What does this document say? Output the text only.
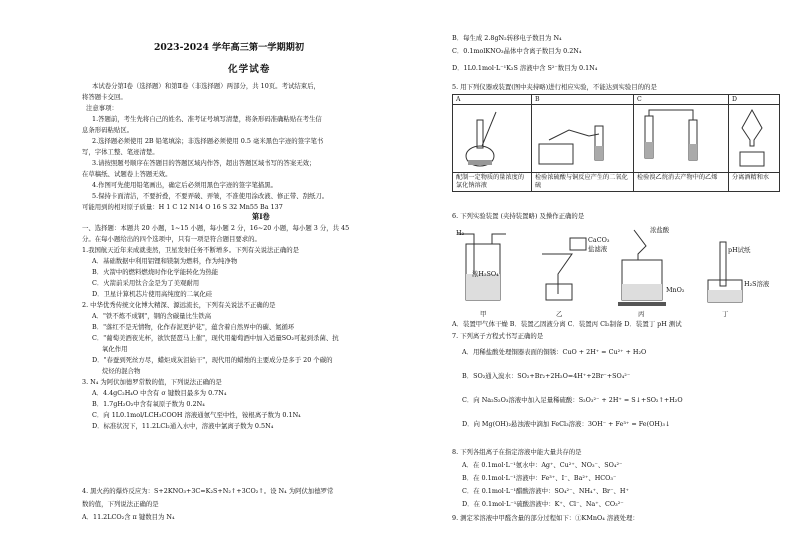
2023-2024 学年高三第一学期期初
化学试卷
本试卷分第Ⅰ卷（选择题）和第Ⅱ卷（非选择题）两部分，共 10页。考试结束后，
将答题卡交回。
注意事项：
1.答题前，考生先将自己的姓名、准考证号填写清楚，将条形码准确粘贴在考生信
息条形码粘贴区。
2.选择题必须使用 2B 铅笔填涂；非选择题必须使用 0.5 毫米黑色字迹的签字笔书
写，字体工整、笔迹清楚。
3.请按照题号顺序在答题目的答题区域内作答，超出答题区域书写的答案无效；
在草稿纸、试题卷上答题无效。
4.作图可先使用铅笔画出，确定后必须用黑色字迹的签字笔描黑。
5.保持卡面清洁，不要折叠，不要弄破、弄皱，不准使用涂改液、修正带、刮纸刀。
可能用到的相对原子质量：H 1 C 12 N14 O 16 S 32 Mn55 Ba 137
第Ⅰ卷
一、选择题：本题共 20 小题，1~15 小题，每小题 2 分，16~20 小题，每小题 3 分，共 45
分。在每小题给出的四个选项中，只有一项是符合题目要求的。
1.我国航天近年来成就斐然，卫星发射任务不断增多。下列有关说法正确的是
A．基础数据中利用铝锂和镁制为燃料，作为纯净物
B．火箭中的燃料燃烧时作化学能转化为热能
C．火箭前采用钛合金是为了美观耐用
D．卫星计算机芯片使用高纯度的二氧化硅
2. 中华优秀传统文化博大精深、源远流长，下列有关说法不正确的是
A．"铁不炼不成钢"，钢的含碳量比生铁高
B．"落红不是无情物，化作春泥更护花"，蕴含着自然界中的碳、氮循环
C．"葡萄美酒夜光杯，欲饮琵琶马上催"，现代用葡萄酒中加入适量SO₂可起到杀菌、抗
氧化作用
D．"春蚕到死丝方尽，蜡炬成灰泪始干"，现代用的蜡烛的主要成分是多于 20 个碳的
烷烃的混合物
3. N₄ 为阿伏加德罗常数的值，下列说法正确的是
A．4.4gC₂H₄O 中含有 σ 键数目最多为 0.7N₄
B．1.7gH₂O₂中含有氧原子数为 0.2N₄
C．向 1L0.1mol/LCH₃COOH 溶液通氨气至中性，铵根离子数为 0.1N₄
D．标准状况下，11.2LCl₂通入水中，溶液中氯离子数为 0.5N₄
4. 黑火药的爆炸反应为：S+2KNO₃+3C=K₂S+N₂↑+3CO₂↑。设 N₄ 为阿伏加德罗常
数的值，下列说法正确的是
A．11.2LCO₂含 π 键数目为 N₄
B．每生成 2.8gN₂转移电子数目为 N₄
C．0.1molKNO₃晶体中含离子数目为 0.2N₄
D．1L0.1mol·L⁻¹K₂S 溶液中含 S²⁻数目为 0.1N₄
5. 用下列仪器或装置(图中夹持略)进行相应实验，不能达到实验目的的是
A	B	C	D

配制一定物质的量浓度的氯化钠溶液	检验浓硫酸与铜反应产生的二氧化硫	检验溴乙烷消去产物中的乙烯	分离酒精和水
6. 下列实验装置 (夹持装置略) 及操作正确的是
H₂
浓H₂SO₄
CaCO₃
盐滤液
浓盐酸
MnO₂
pH试纸
H₂S溶液
甲	乙	丙	丁
A．装置甲气体干燥 B．装置乙固液分离 C．装置丙 Cl₂制备 D．装置丁 pH 测试
7. 下列离子方程式书写正确的是
A．用稀盐酸处理铜器表面的铜锈：CuO + 2H⁺ = Cu²⁺ + H₂O
B．SO₂通入溴水：SO₂+Br₂+2H₂O=4H⁺+2Br⁻+SO₄²⁻
C．向 Na₂S₂O₃溶液中加入足量稀硫酸：S₂O₃²⁻ + 2H⁺ = S↓+SO₂↑+H₂O
D．向 Mg(OH)₂悬浊液中滴加 FeCl₃溶液：3OH⁻ + Fe³⁺ = Fe(OH)₃↓
8. 下列各组离子在指定溶液中能大量共存的是
A．在 0.1mol·L⁻¹氨水中：Ag⁺、Cu²⁺、NO₃⁻、SO₄²⁻
B．在 0.1mol·L⁻¹溶液中：Fe³⁺、I⁻、Ba²⁺、HCO₃⁻
C．在 0.1mol·L⁻¹醋酸溶液中：SO₄²⁻、NH₄⁺、Br⁻、H⁺
D．在 0.1mol·L⁻¹硫酸溶液中：K⁺、Cl⁻、Na⁺、CO₃²⁻
9. 测定苯溶液中甲醛含量的部分过程如下：①KMnO₄ 溶液处理：
